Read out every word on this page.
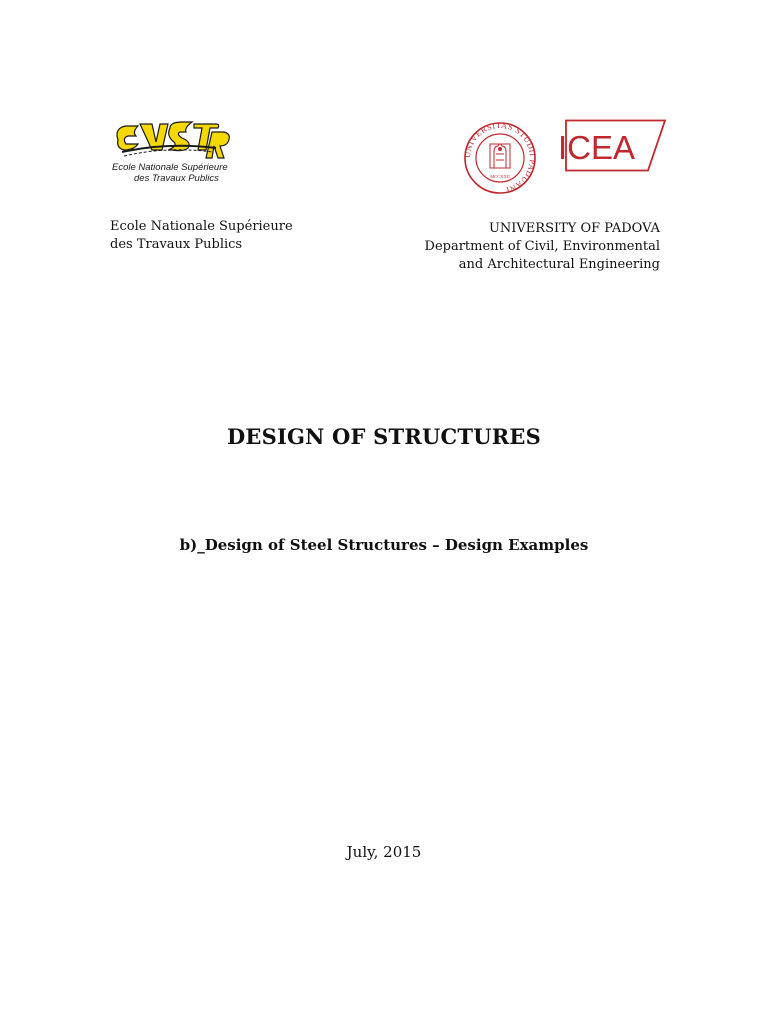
Ecole Nationale Supérieure
des Travaux Publics
UNIVERSITAS STUDII PADUANI
MCCXXII
ICEA
Ecole Nationale Supérieure
des Travaux Publics
UNIVERSITY OF PADOVA
Department of Civil, Environmental
and Architectural Engineering
DESIGN OF STRUCTURES
b)_Design of Steel Structures – Design Examples
July, 2015
